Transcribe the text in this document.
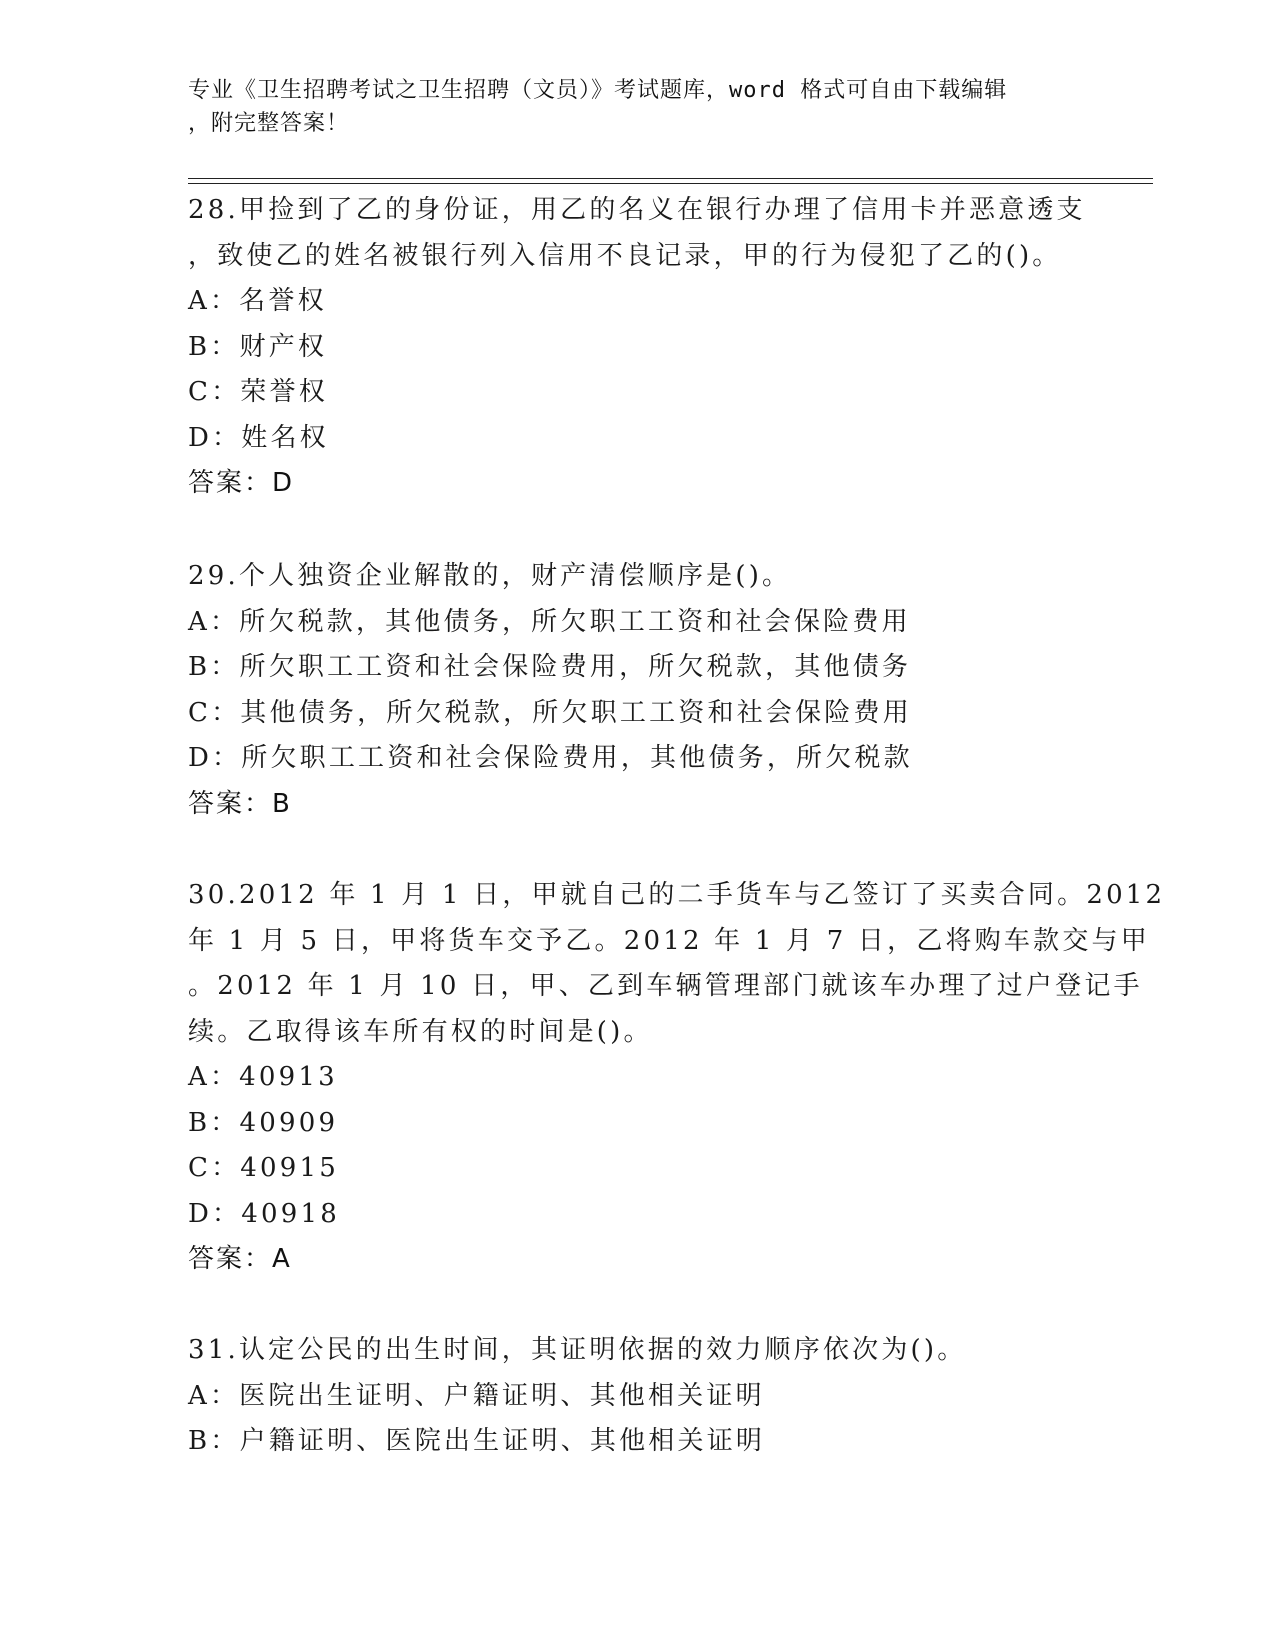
专业《卫生招聘考试之卫生招聘（文员）》考试题库，word 格式可自由下载编辑

，附完整答案！

28.甲捡到了乙的身份证，用乙的名义在银行办理了信用卡并恶意透支

，致使乙的姓名被银行列入信用不良记录，甲的行为侵犯了乙的()。

A：名誉权

B：财产权

C：荣誉权

D：姓名权

答案：D

29.个人独资企业解散的，财产清偿顺序是()。

A：所欠税款，其他债务，所欠职工工资和社会保险费用

B：所欠职工工资和社会保险费用，所欠税款，其他债务

C：其他债务，所欠税款，所欠职工工资和社会保险费用

D：所欠职工工资和社会保险费用，其他债务，所欠税款

答案：B

30.2012 年 1 月 1 日，甲就自己的二手货车与乙签订了买卖合同。2012

年 1 月 5 日，甲将货车交予乙。2012 年 1 月 7 日，乙将购车款交与甲

。2012 年 1 月 10 日，甲、乙到车辆管理部门就该车办理了过户登记手

续。乙取得该车所有权的时间是()。

A：40913

B：40909

C：40915

D：40918

答案：A

31.认定公民的出生时间，其证明依据的效力顺序依次为()。

A：医院出生证明、户籍证明、其他相关证明

B：户籍证明、医院出生证明、其他相关证明
